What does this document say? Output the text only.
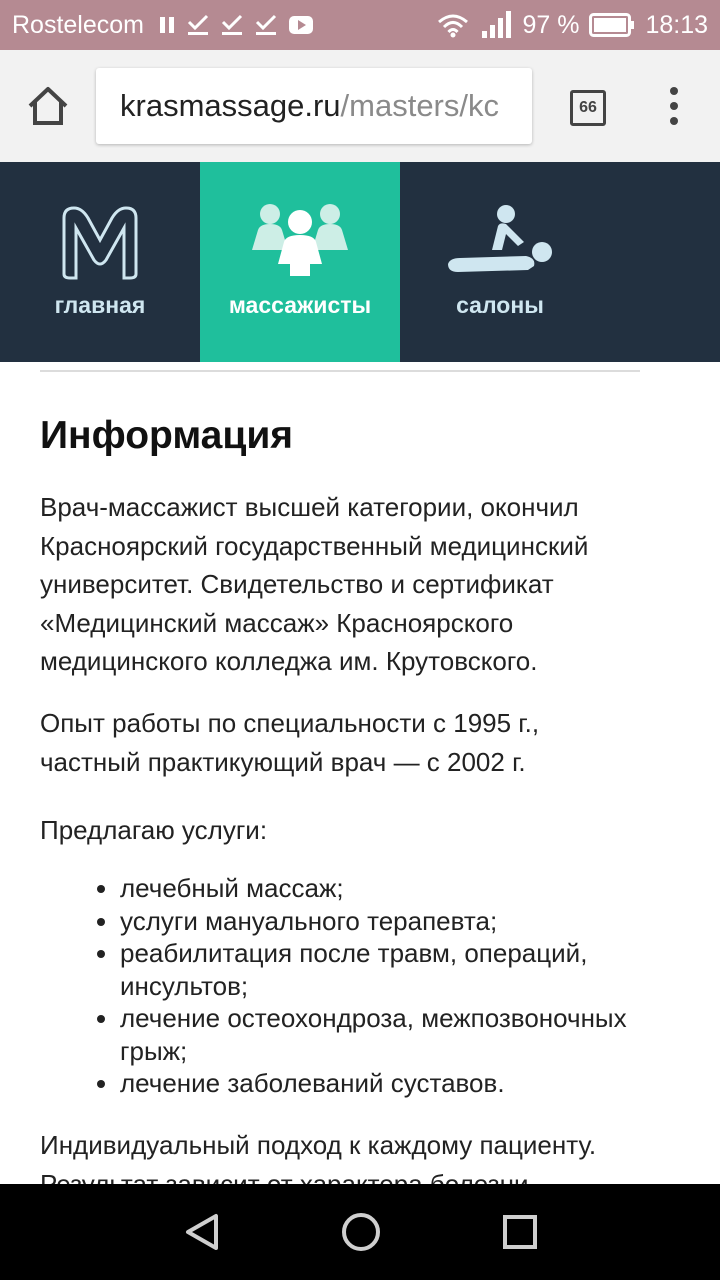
Rostelecom	97 %	18:13
krasmassage.ru/masters/kc	66
главная	массажисты	салоны
Информация
Врач-массажист высшей категории, окончил
Красноярский государственный медицинский
университет. Свидетельство и сертификат
«Медицинский массаж» Красноярского
медицинского колледжа им. Крутовского.
Опыт работы по специальности с 1995 г.,
частный практикующий врач — с 2002 г.
Предлагаю услуги:
• лечебный массаж;
• услуги мануального терапевта;
• реабилитация после травм, операций, инсультов;
• лечение остеохондроза, межпозвоночных грыж;
• лечение заболеваний суставов.
Индивидуальный подход к каждому пациенту.
